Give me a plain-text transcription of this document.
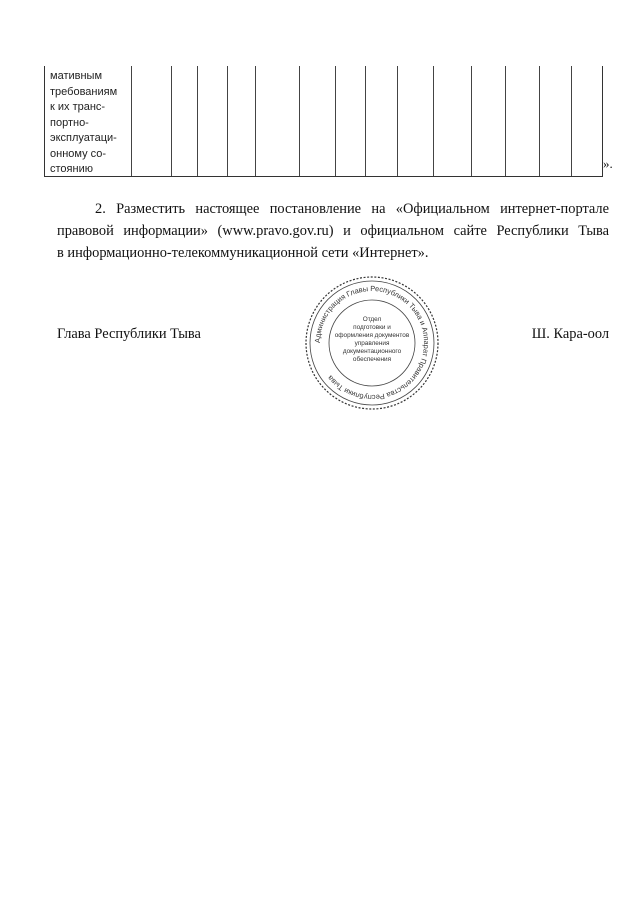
мативным
требованиям
к их транс-
портно-
эксплуатаци-
онному со-
стоянию	».
2. Разместить настоящее постановление на «Официальном интернет-портале
правовой информации» (www.pravo.gov.ru) и официальном сайте Республики Тыва
в информационно-телекоммуникационной сети «Интернет».
Глава Республики Тыва	Ш. Кара-оол
Администрация Главы Республики Тыва и Аппарат Правительства Республики Тыва
Отдел
подготовки и
оформления документов
управления
документационного
обеспечения
